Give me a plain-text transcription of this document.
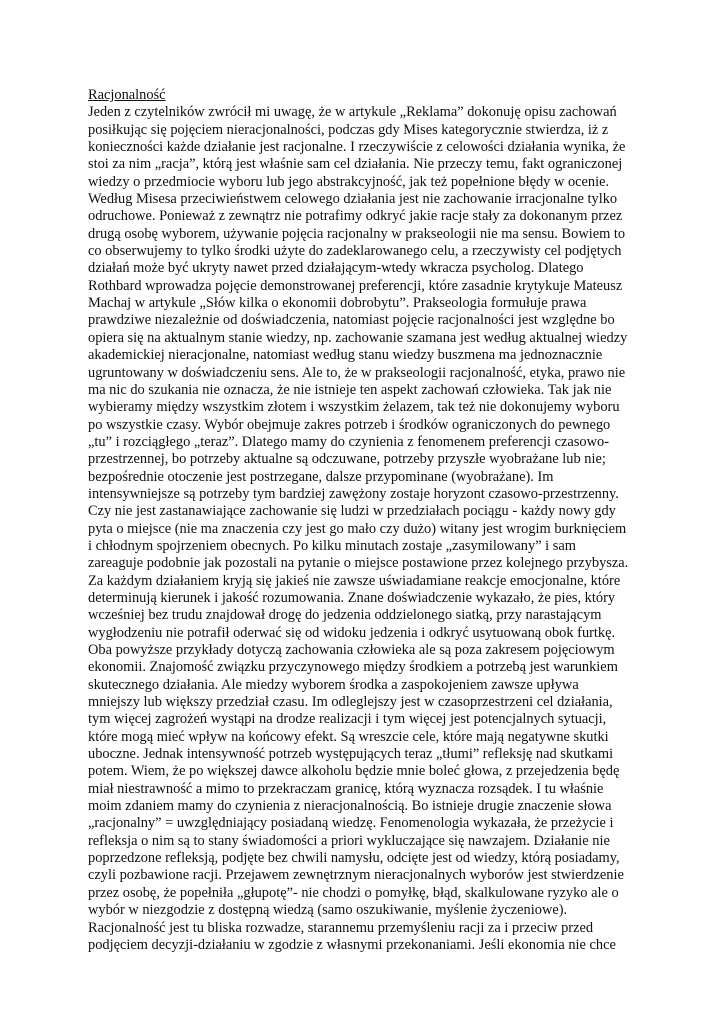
Racjonalność
Jeden z czytelników zwrócił mi uwagę, że w artykule „Reklama” dokonuję opisu zachowań
posiłkując się pojęciem nieracjonalności, podczas gdy Mises kategorycznie stwierdza, iż z
konieczności każde działanie jest racjonalne. I rzeczywiście z celowości działania wynika, że
stoi za nim „racja”, którą jest właśnie sam cel działania. Nie przeczy temu, fakt ograniczonej
wiedzy o przedmiocie wyboru lub jego abstrakcyjność, jak też popełnione błędy w ocenie.
Według Misesa przeciwieństwem celowego działania jest nie zachowanie irracjonalne tylko
odruchowe. Ponieważ z zewnątrz nie potrafimy odkryć jakie racje stały za dokonanym przez
drugą osobę wyborem, używanie pojęcia racjonalny w prakseologii nie ma sensu. Bowiem to
co obserwujemy to tylko środki użyte do zadeklarowanego celu, a rzeczywisty cel podjętych
działań może być ukryty nawet przed działającym-wtedy wkracza psycholog. Dlatego
Rothbard wprowadza pojęcie demonstrowanej preferencji, które zasadnie krytykuje Mateusz
Machaj w artykule „Słów kilka o ekonomii dobrobytu”. Prakseologia formułuje prawa
prawdziwe niezależnie od doświadczenia, natomiast pojęcie racjonalności jest względne bo
opiera się na aktualnym stanie wiedzy, np. zachowanie szamana jest według aktualnej wiedzy
akademickiej nieracjonalne, natomiast według stanu wiedzy buszmena ma jednoznacznie
ugruntowany w doświadczeniu sens. Ale to, że w prakseologii racjonalność, etyka, prawo nie
ma nic do szukania nie oznacza, że nie istnieje ten aspekt zachowań człowieka. Tak jak nie
wybieramy między wszystkim złotem i wszystkim żelazem, tak też nie dokonujemy wyboru
po wszystkie czasy. Wybór obejmuje zakres potrzeb i środków ograniczonych do pewnego
„tu” i rozciągłego „teraz”. Dlatego mamy do czynienia z fenomenem preferencji czasowo-
przestrzennej, bo potrzeby aktualne są odczuwane, potrzeby przyszłe wyobrażane lub nie;
bezpośrednie otoczenie jest postrzegane, dalsze przypominane (wyobrażane). Im
intensywniejsze są potrzeby tym bardziej zawężony zostaje horyzont czasowo-przestrzenny.
Czy nie jest zastanawiające zachowanie się ludzi w przedziałach pociągu - każdy nowy gdy
pyta o miejsce (nie ma znaczenia czy jest go mało czy dużo) witany jest wrogim burknięciem
i chłodnym spojrzeniem obecnych. Po kilku minutach zostaje „zasymilowany” i sam
zareaguje podobnie jak pozostali na pytanie o miejsce postawione przez kolejnego przybysza.
Za każdym działaniem kryją się jakieś nie zawsze uświadamiane reakcje emocjonalne, które
determinują kierunek i jakość rozumowania. Znane doświadczenie wykazało, że pies, który
wcześniej bez trudu znajdował drogę do jedzenia oddzielonego siatką, przy narastającym
wygłodzeniu nie potrafił oderwać się od widoku jedzenia i odkryć usytuowaną obok furtkę.
Oba powyższe przykłady dotyczą zachowania człowieka ale są poza zakresem pojęciowym
ekonomii. Znajomość związku przyczynowego między środkiem a potrzebą jest warunkiem
skutecznego działania. Ale miedzy wyborem środka a zaspokojeniem zawsze upływa
mniejszy lub większy przedział czasu. Im odleglejszy jest w czasoprzestrzeni cel działania,
tym więcej zagrożeń wystąpi na drodze realizacji i tym więcej jest potencjalnych sytuacji,
które mogą mieć wpływ na końcowy efekt. Są wreszcie cele, które mają negatywne skutki
uboczne. Jednak intensywność potrzeb występujących teraz „tłumi” refleksję nad skutkami
potem. Wiem, że po większej dawce alkoholu będzie mnie boleć głowa, z przejedzenia będę
miał niestrawność a mimo to przekraczam granicę, którą wyznacza rozsądek. I tu właśnie
moim zdaniem mamy do czynienia z nieracjonalnością. Bo istnieje drugie znaczenie słowa
„racjonalny” = uwzględniający posiadaną wiedzę. Fenomenologia wykazała, że przeżycie i
refleksja o nim są to stany świadomości a priori wykluczające się nawzajem. Działanie nie
poprzedzone refleksją, podjęte bez chwili namysłu, odcięte jest od wiedzy, którą posiadamy,
czyli pozbawione racji. Przejawem zewnętrznym nieracjonalnych wyborów jest stwierdzenie
przez osobę, że popełniła „głupotę”- nie chodzi o pomyłkę, błąd, skalkulowane ryzyko ale o
wybór w niezgodzie z dostępną wiedzą (samo oszukiwanie, myślenie życzeniowe).
Racjonalność jest tu bliska rozwadze, starannemu przemyśleniu racji za i przeciw przed
podjęciem decyzji-działaniu w zgodzie z własnymi przekonaniami. Jeśli ekonomia nie chce
